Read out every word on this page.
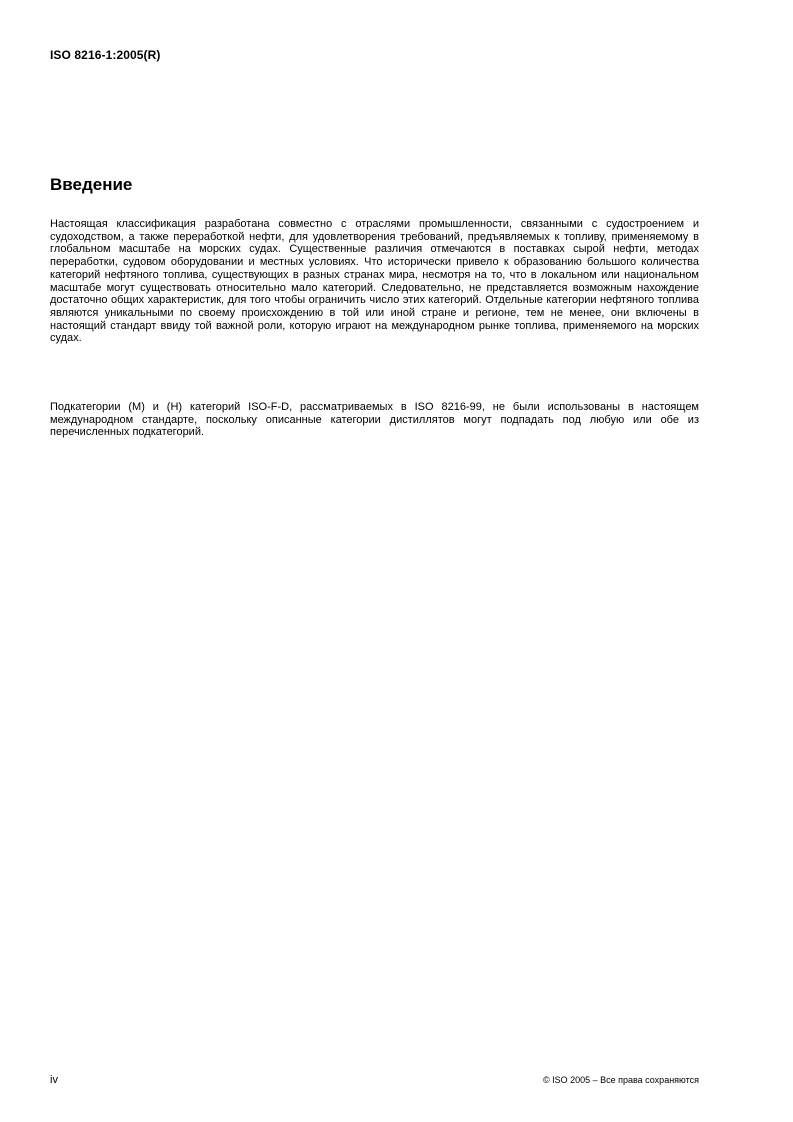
ISO 8216-1:2005(R)
Введение

Настоящая классификация разработана совместно с отраслями промышленности, связанными с судостроением и судоходством, а также переработкой нефти, для удовлетворения требований, предъявляемых к топливу, применяемому в глобальном масштабе на морских судах. Существенные различия отмечаются в поставках сырой нефти, методах переработки, судовом оборудовании и местных условиях. Что исторически привело к образованию большого количества категорий нефтяного топлива, существующих в разных странах мира, несмотря на то, что в локальном или национальном масштабе могут существовать относительно мало категорий. Следовательно, не представляется возможным нахождение достаточно общих характеристик, для того чтобы ограничить число этих категорий. Отдельные категории нефтяного топлива являются уникальными по своему происхождению в той или иной стране и регионе, тем не менее, они включены в настоящий стандарт ввиду той важной роли, которую играют на международном рынке топлива, применяемого на морских судах.

Подкатегории (M) и (H) категорий ISO-F-D, рассматриваемых в ISO 8216-99, не были использованы в настоящем международном стандарте, поскольку описанные категории дистиллятов могут подпадать под любую или обе из перечисленных подкатегорий.

iv	© ISO 2005 – Все права сохраняются
